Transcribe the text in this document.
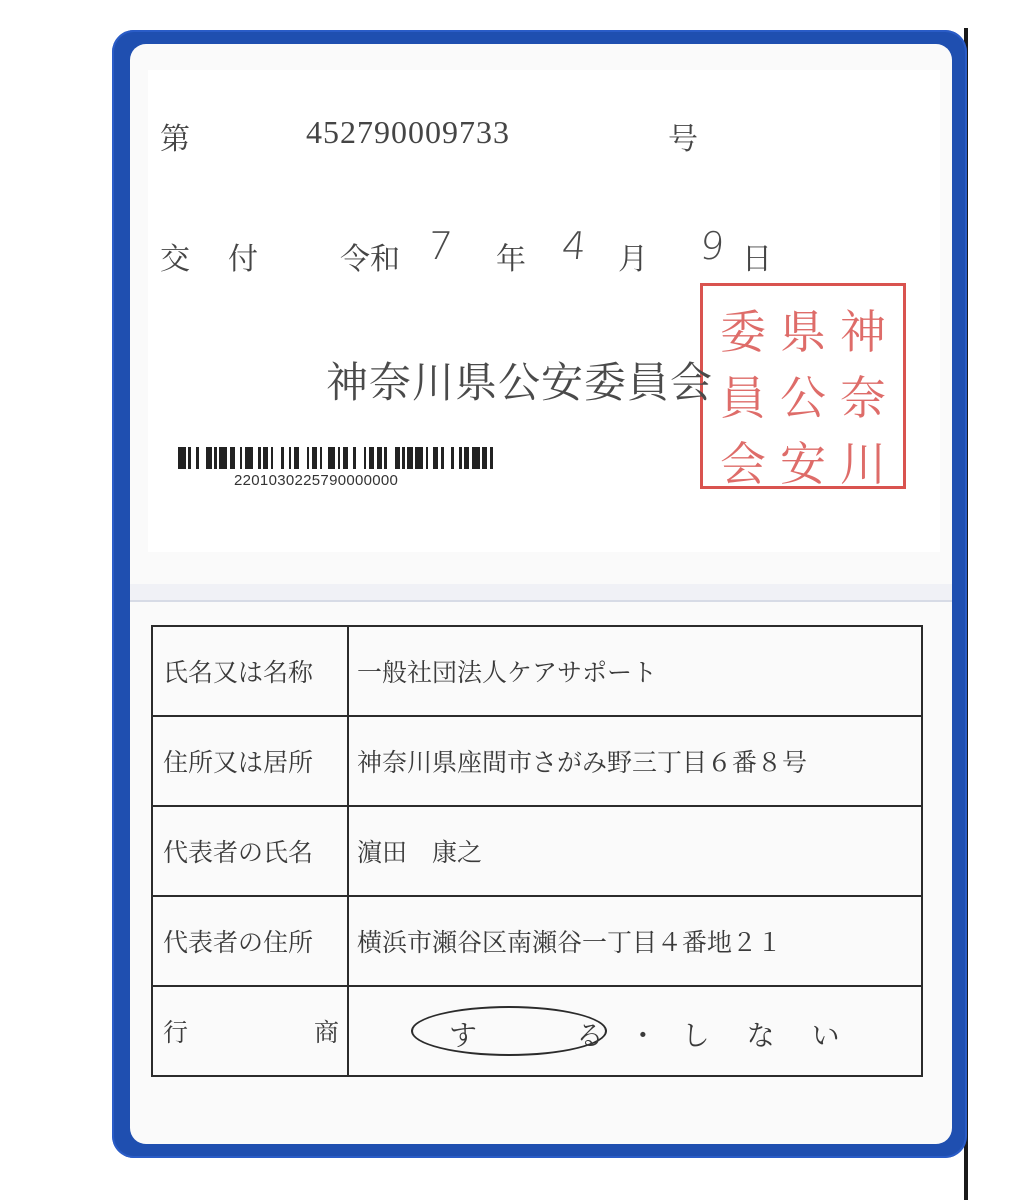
第	452790009733	号
交 付	令和 7 年 4 月 9 日
委 県 神
員 公 奈
会 安 川
神奈川県公安委員会
2201030225790000000
氏名又は名称	一般社団法人ケアサポート
住所又は居所	神奈川県座間市さがみ野三丁目６番８号
代表者の氏名	濵田　康之
代表者の住所	横浜市瀬谷区南瀬谷一丁目４番地２１

行 商	す る ・ し な い
